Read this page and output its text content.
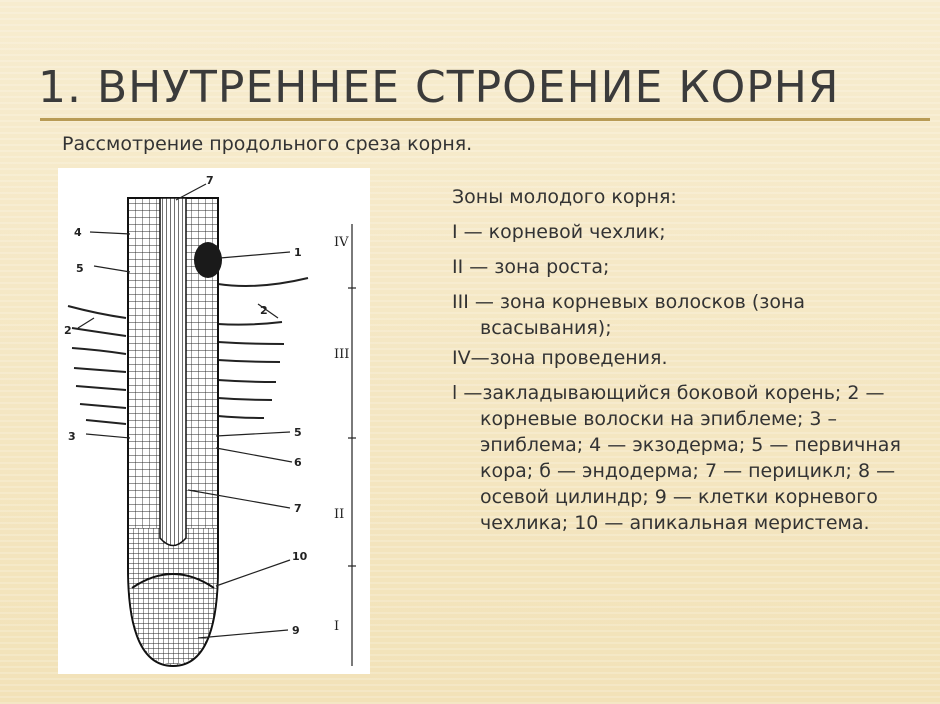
1. ВНУТРЕННЕЕ СТРОЕНИЕ КОРНЯ
Рассмотрение продольного среза корня.
4
5
2
3
7
1
2
5
6
7
10
9
IV
III
II
I
Зоны молодого корня:
I — корневой чехлик;
II — зона роста;
III — зона корневых волосков (зона всасывания);
IV—зона проведения.
l —закладывающийся боковой корень; 2 — корневые волоски на эпиблеме; 3 – эпиблема; 4 — экзодерма; 5 — первичная кора; б — эндодерма; 7 — перицикл; 8 — осевой цилиндр; 9 — клетки корневого чехлика; 10 — апикальная меристема.
